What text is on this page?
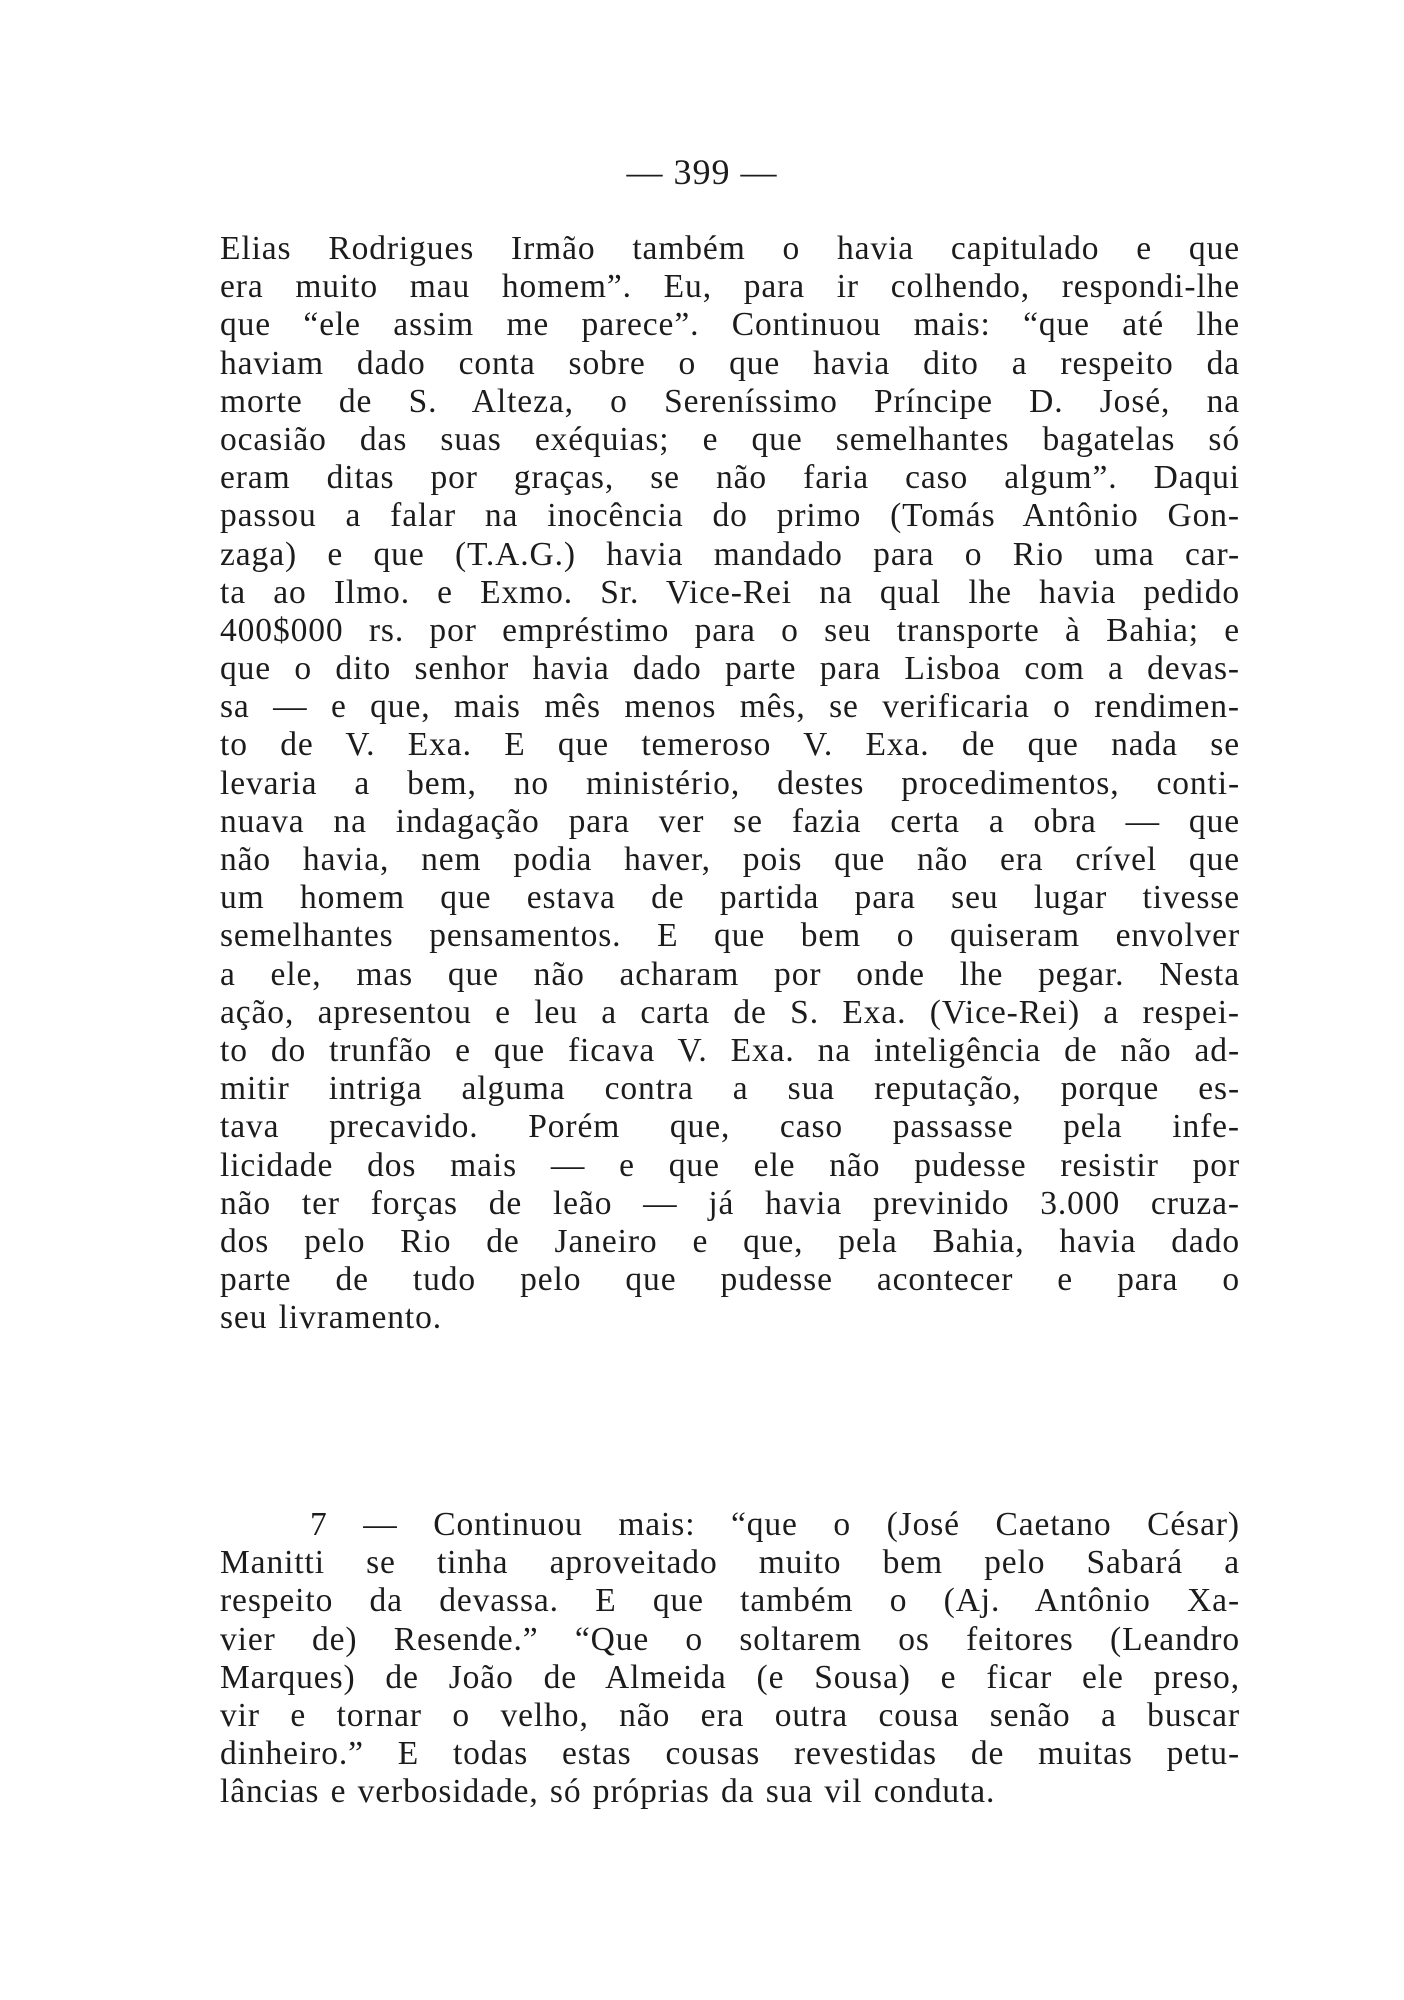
— 399 —
Elias Rodrigues Irmão também o havia capitulado e que
era muito mau homem”. Eu, para ir colhendo, respondi-lhe
que “ele assim me parece”. Continuou mais: “que até lhe
haviam dado conta sobre o que havia dito a respeito da
morte de S. Alteza, o Sereníssimo Príncipe D. José, na
ocasião das suas exéquias; e que semelhantes bagatelas só
eram ditas por graças, se não faria caso algum”. Daqui
passou a falar na inocência do primo (Tomás Antônio Gon-
zaga) e que (T.A.G.) havia mandado para o Rio uma car-
ta ao Ilmo. e Exmo. Sr. Vice-Rei na qual lhe havia pedido
400$000 rs. por empréstimo para o seu transporte à Bahia; e
que o dito senhor havia dado parte para Lisboa com a devas-
sa — e que, mais mês menos mês, se verificaria o rendimen-
to de V. Exa. E que temeroso V. Exa. de que nada se
levaria a bem, no ministério, destes procedimentos, conti-
nuava na indagação para ver se fazia certa a obra — que
não havia, nem podia haver, pois que não era crível que
um homem que estava de partida para seu lugar tivesse
semelhantes pensamentos. E que bem o quiseram envolver
a ele, mas que não acharam por onde lhe pegar. Nesta
ação, apresentou e leu a carta de S. Exa. (Vice-Rei) a respei-
to do trunfão e que ficava V. Exa. na inteligência de não ad-
mitir intriga alguma contra a sua reputação, porque es-
tava precavido. Porém que, caso passasse pela infe-
licidade dos mais — e que ele não pudesse resistir por
não ter forças de leão — já havia previnido 3.000 cruza-
dos pelo Rio de Janeiro e que, pela Bahia, havia dado
parte de tudo pelo que pudesse acontecer e para o
seu livramento.
7 — Continuou mais: “que o (José Caetano César)
Manitti se tinha aproveitado muito bem pelo Sabará a
respeito da devassa. E que também o (Aj. Antônio Xa-
vier de) Resende.” “Que o soltarem os feitores (Leandro
Marques) de João de Almeida (e Sousa) e ficar ele preso,
vir e tornar o velho, não era outra cousa senão a buscar
dinheiro.” E todas estas cousas revestidas de muitas petu-
lâncias e verbosidade, só próprias da sua vil conduta.
